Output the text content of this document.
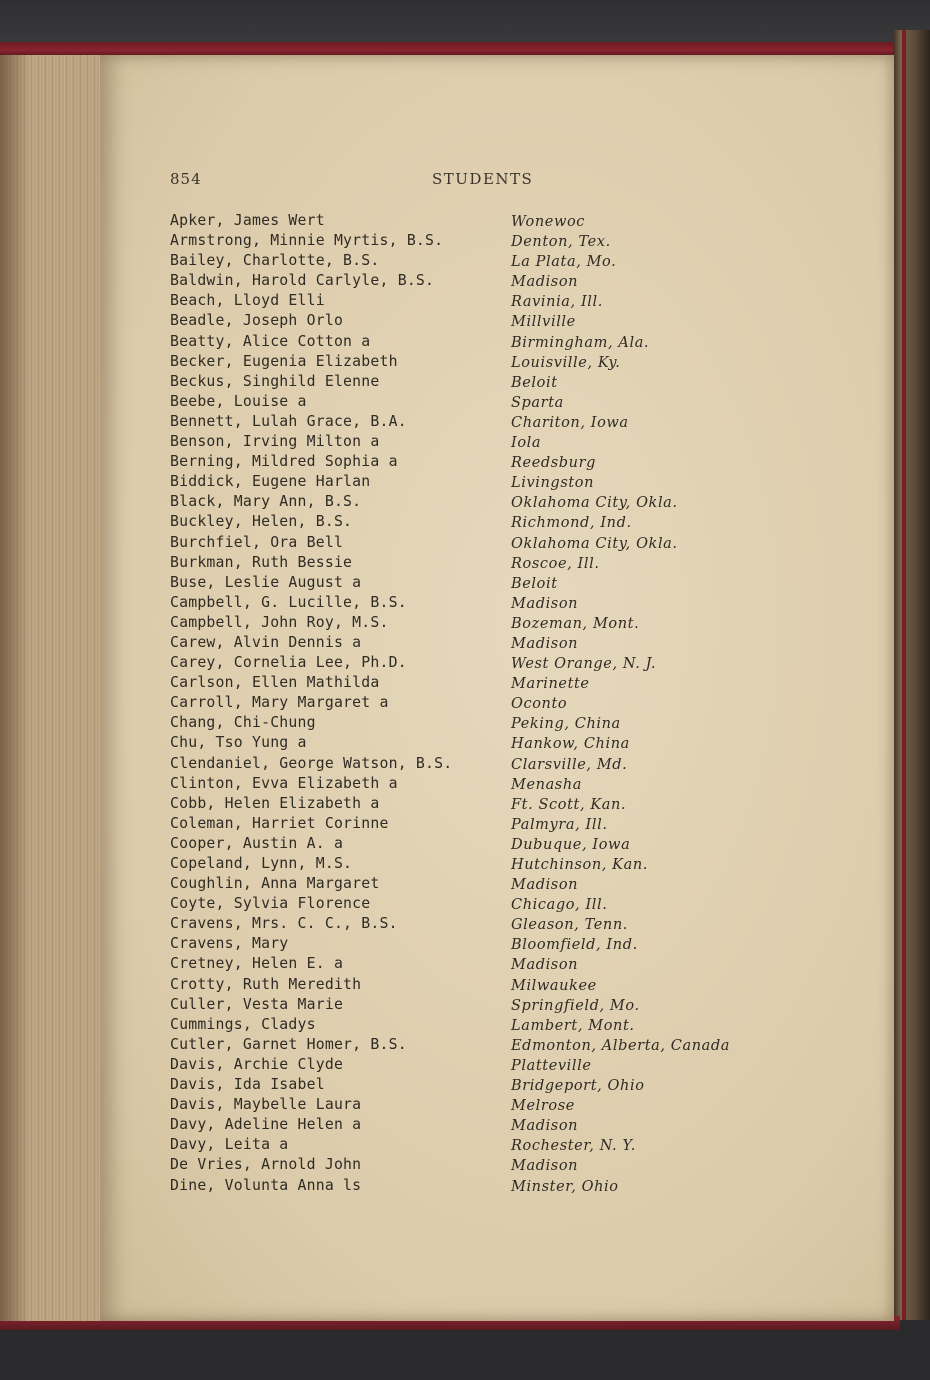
854	STUDENTS
Apker, James Wert	Wonewoc
Armstrong, Minnie Myrtis, B.S.	Denton, Tex.
Bailey, Charlotte, B.S.	La Plata, Mo.
Baldwin, Harold Carlyle, B.S.	Madison
Beach, Lloyd Elli	Ravinia, Ill.
Beadle, Joseph Orlo	Millville
Beatty, Alice Cotton a	Birmingham, Ala.
Becker, Eugenia Elizabeth	Louisville, Ky.
Beckus, Singhild Elenne	Beloit
Beebe, Louise a	Sparta
Bennett, Lulah Grace, B.A.	Chariton, Iowa
Benson, Irving Milton a	Iola
Berning, Mildred Sophia a	Reedsburg
Biddick, Eugene Harlan	Livingston
Black, Mary Ann, B.S.	Oklahoma City, Okla.
Buckley, Helen, B.S.	Richmond, Ind.
Burchfiel, Ora Bell	Oklahoma City, Okla.
Burkman, Ruth Bessie	Roscoe, Ill.
Buse, Leslie August a	Beloit
Campbell, G. Lucille, B.S.	Madison
Campbell, John Roy, M.S.	Bozeman, Mont.
Carew, Alvin Dennis a	Madison
Carey, Cornelia Lee, Ph.D.	West Orange, N. J.
Carlson, Ellen Mathilda	Marinette
Carroll, Mary Margaret a	Oconto
Chang, Chi-Chung	Peking, China
Chu, Tso Yung a	Hankow, China
Clendaniel, George Watson, B.S.	Clarsville, Md.
Clinton, Evva Elizabeth a	Menasha
Cobb, Helen Elizabeth a	Ft. Scott, Kan.
Coleman, Harriet Corinne	Palmyra, Ill.
Cooper, Austin A. a	Dubuque, Iowa
Copeland, Lynn, M.S.	Hutchinson, Kan.
Coughlin, Anna Margaret	Madison
Coyte, Sylvia Florence	Chicago, Ill.
Cravens, Mrs. C. C., B.S.	Gleason, Tenn.
Cravens, Mary	Bloomfield, Ind.
Cretney, Helen E. a	Madison
Crotty, Ruth Meredith	Milwaukee
Culler, Vesta Marie	Springfield, Mo.
Cummings, Cladys	Lambert, Mont.
Cutler, Garnet Homer, B.S.	Edmonton, Alberta, Canada
Davis, Archie Clyde	Platteville
Davis, Ida Isabel	Bridgeport, Ohio
Davis, Maybelle Laura	Melrose
Davy, Adeline Helen a	Madison
Davy, Leita a	Rochester, N. Y.
De Vries, Arnold John	Madison
Dine, Volunta Anna ls	Minster, Ohio
